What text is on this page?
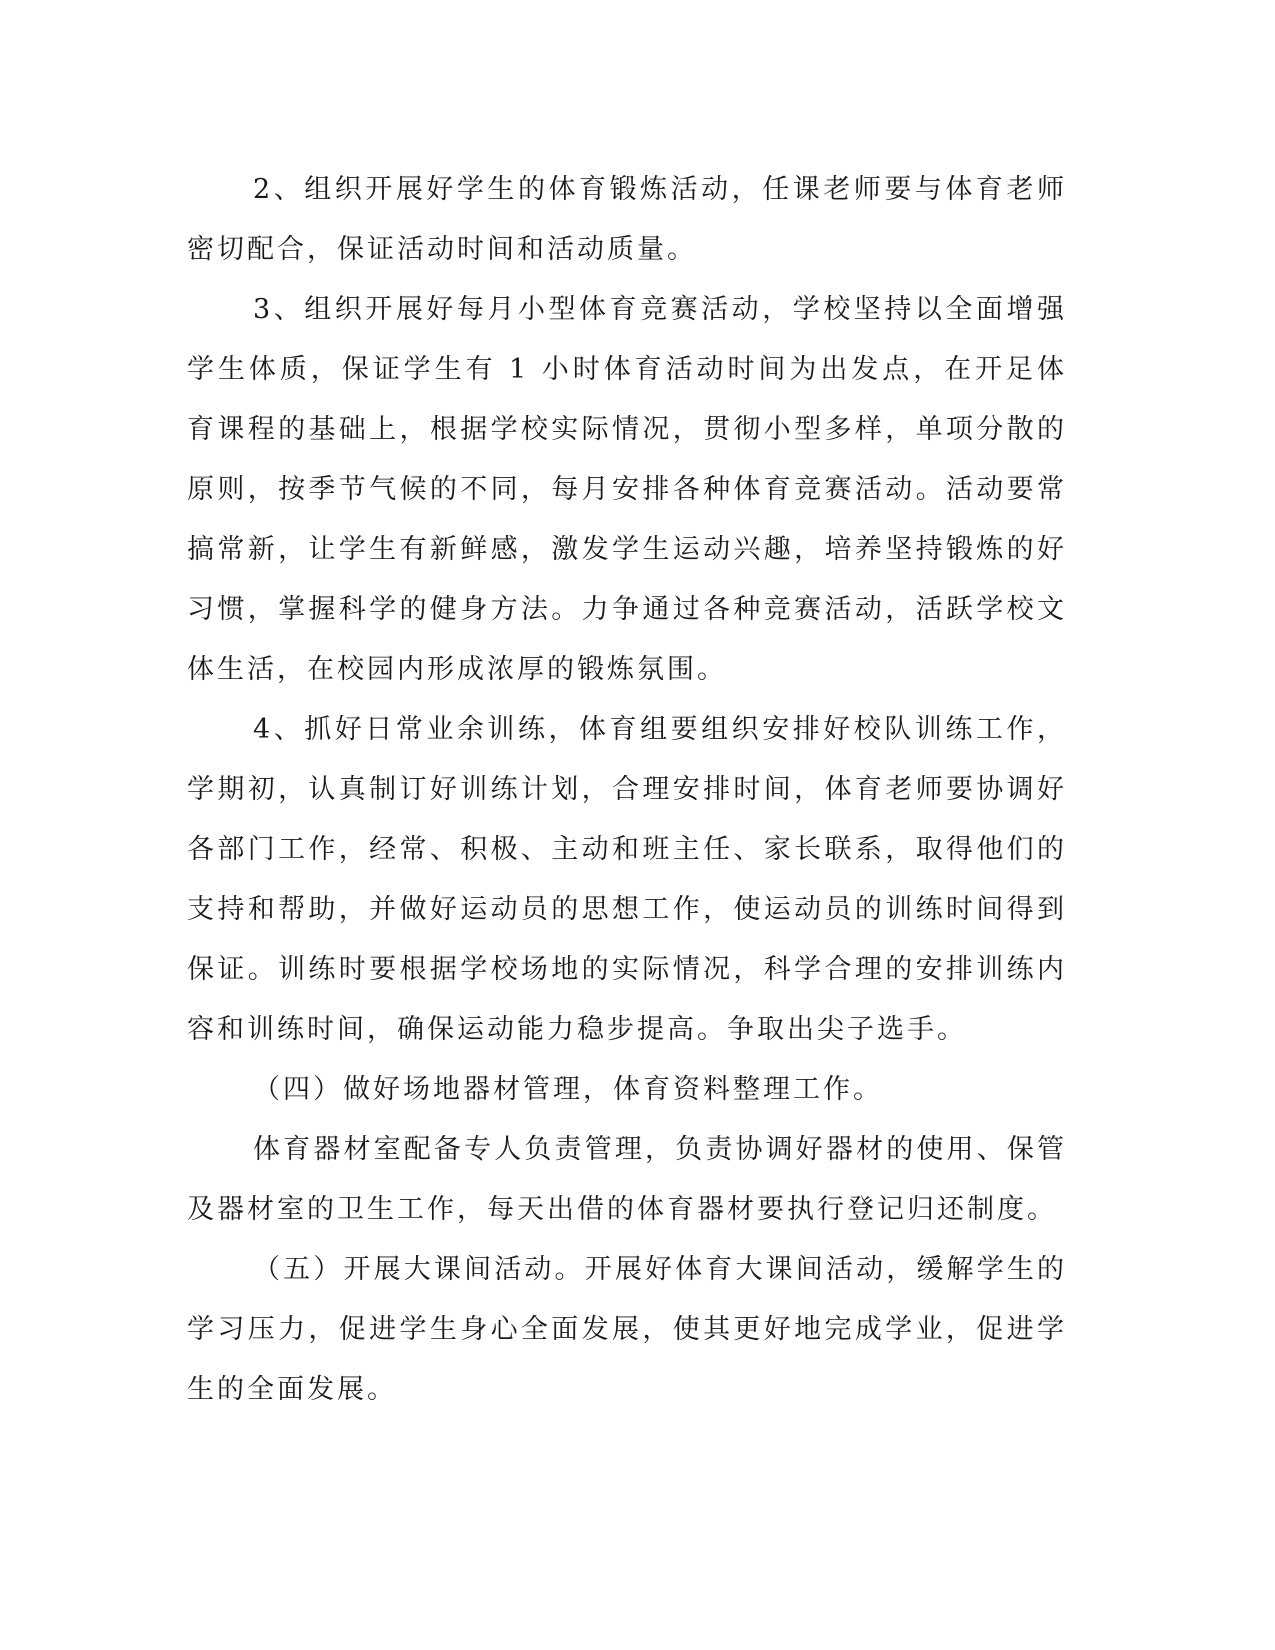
2、组织开展好学生的体育锻炼活动，任课老师要与体育老师密切配合，保证活动时间和活动质量。

3、组织开展好每月小型体育竞赛活动，学校坚持以全面增强学生体质，保证学生有 1 小时体育活动时间为出发点，在开足体育课程的基础上，根据学校实际情况，贯彻小型多样，单项分散的原则，按季节气候的不同，每月安排各种体育竞赛活动。活动要常搞常新，让学生有新鲜感，激发学生运动兴趣，培养坚持锻炼的好习惯，掌握科学的健身方法。力争通过各种竞赛活动，活跃学校文体生活，在校园内形成浓厚的锻炼氛围。

4、抓好日常业余训练，体育组要组织安排好校队训练工作，学期初，认真制订好训练计划，合理安排时间，体育老师要协调好各部门工作，经常、积极、主动和班主任、家长联系，取得他们的支持和帮助，并做好运动员的思想工作，使运动员的训练时间得到保证。训练时要根据学校场地的实际情况，科学合理的安排训练内容和训练时间，确保运动能力稳步提高。争取出尖子选手。

（四）做好场地器材管理，体育资料整理工作。

体育器材室配备专人负责管理，负责协调好器材的使用、保管及器材室的卫生工作，每天出借的体育器材要执行登记归还制度。

（五）开展大课间活动。开展好体育大课间活动，缓解学生的学习压力，促进学生身心全面发展，使其更好地完成学业，促进学生的全面发展。
